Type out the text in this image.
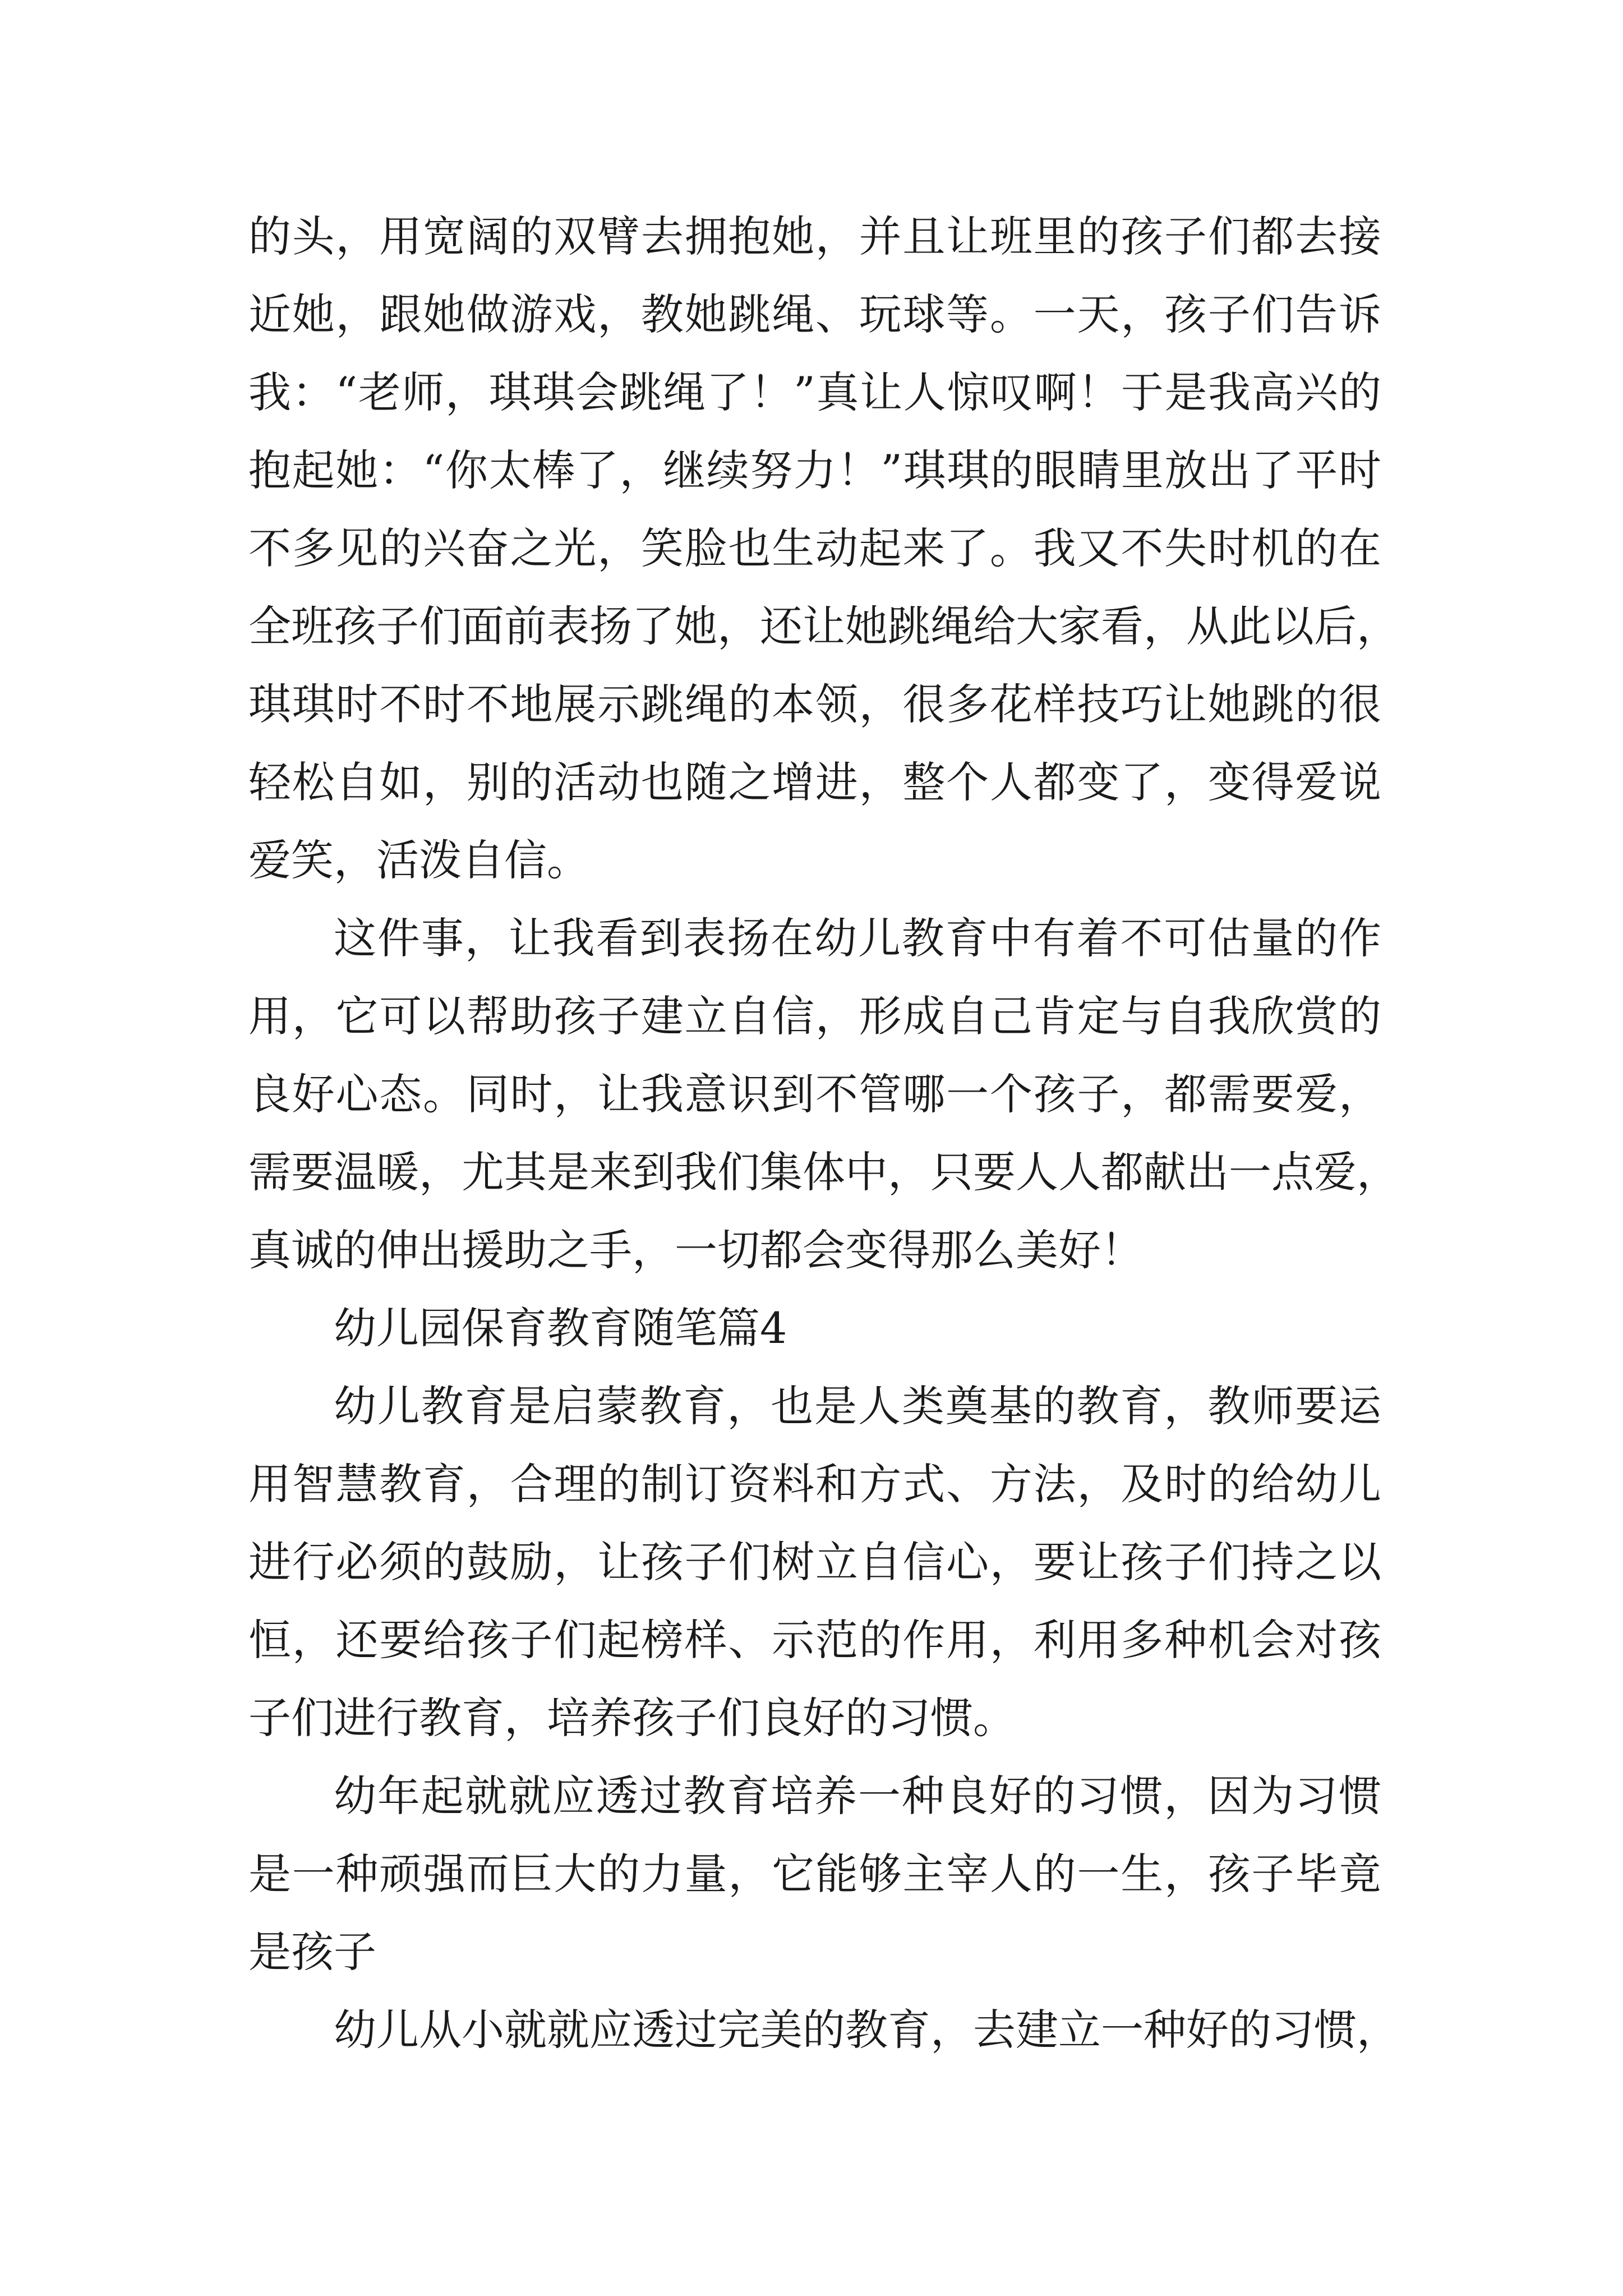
的头，用宽阔的双臂去拥抱她，并且让班里的孩子们都去接
近她，跟她做游戏，教她跳绳、玩球等。一天，孩子们告诉
我：“老师，琪琪会跳绳了！”真让人惊叹啊！于是我高兴的
抱起她：“你太棒了，继续努力！”琪琪的眼睛里放出了平时
不多见的兴奋之光，笑脸也生动起来了。我又不失时机的在
全班孩子们面前表扬了她，还让她跳绳给大家看，从此以后，
琪琪时不时不地展示跳绳的本领，很多花样技巧让她跳的很
轻松自如，别的活动也随之增进，整个人都变了，变得爱说
爱笑，活泼自信。
这件事，让我看到表扬在幼儿教育中有着不可估量的作
用，它可以帮助孩子建立自信，形成自己肯定与自我欣赏的
良好心态。同时，让我意识到不管哪一个孩子，都需要爱，
需要温暖，尤其是来到我们集体中，只要人人都献出一点爱，
真诚的伸出援助之手，一切都会变得那么美好！
幼儿园保育教育随笔篇4
幼儿教育是启蒙教育，也是人类奠基的教育，教师要运
用智慧教育，合理的制订资料和方式、方法，及时的给幼儿
进行必须的鼓励，让孩子们树立自信心，要让孩子们持之以
恒，还要给孩子们起榜样、示范的作用，利用多种机会对孩
子们进行教育，培养孩子们良好的习惯。
幼年起就就应透过教育培养一种良好的习惯，因为习惯
是一种顽强而巨大的力量，它能够主宰人的一生，孩子毕竟
是孩子
幼儿从小就就应透过完美的教育，去建立一种好的习惯，
